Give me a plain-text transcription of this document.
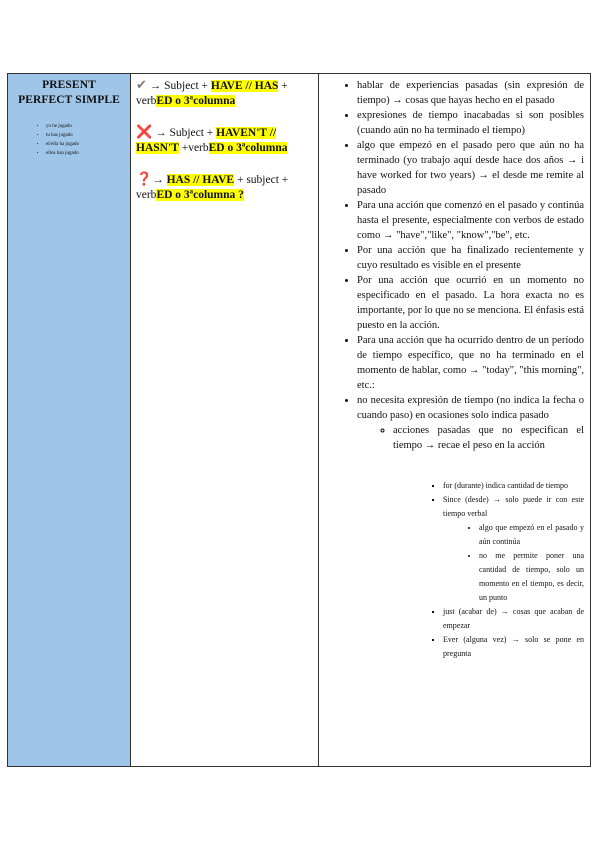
PRESENT
PERFECT SIMPLE
• yo he jugado
• tu has jugado
• el/ella ha jugado
• ellos han jugado

✔ → Subject + HAVE // HAS + verbED o 3ªcolumna

❌ → Subject + HAVEN'T // HASN'T +verbED o 3ªcolumna

❓→ HAS // HAVE + subject + verbED o 3ªcolumna ?

• hablar de experiencias pasadas (sin expresión de tiempo) → cosas que hayas hecho en el pasado
• expresiones de tiempo inacabadas si son posibles (cuando aún no ha terminado el tiempo)
• algo que empezó en el pasado pero que aún no ha terminado (yo trabajo aquí desde hace dos años → i have worked for two years) → el desde me remite al pasado
• Para una acción que comenzó en el pasado y continúa hasta el presente, especialmente con verbos de estado como → "have","like", "know","be", etc.
• Por una acción que ha finalizado recientemente y cuyo resultado es visible en el presente
• Por una acción que ocurrió en un momento no especificado en el pasado. La hora exacta no es importante, por lo que no se menciona. El énfasis está puesto en la acción.
• Para una acción que ha ocurrido dentro de un período de tiempo específico, que no ha terminado en el momento de hablar, como → "today", "this morning", etc.:
• no necesita expresión de tiempo (no indica la fecha o cuando paso) en ocasiones solo indica pasado
◦ acciones pasadas que no especifican el tiempo → recae el peso en la acción
▪ for (durante) indica cantidad de tiempo
▪ Since (desde) → solo puede ir con este tiempo verbal
• algo que empezó en el pasado y aún continúa
• no me permite poner una cantidad de tiempo, solo un momento en el tiempo, es decir, un punto
▪ just (acabar de) → cosas que acaban de empezar
▪ Ever (alguna vez) → solo se pone en pregunta
